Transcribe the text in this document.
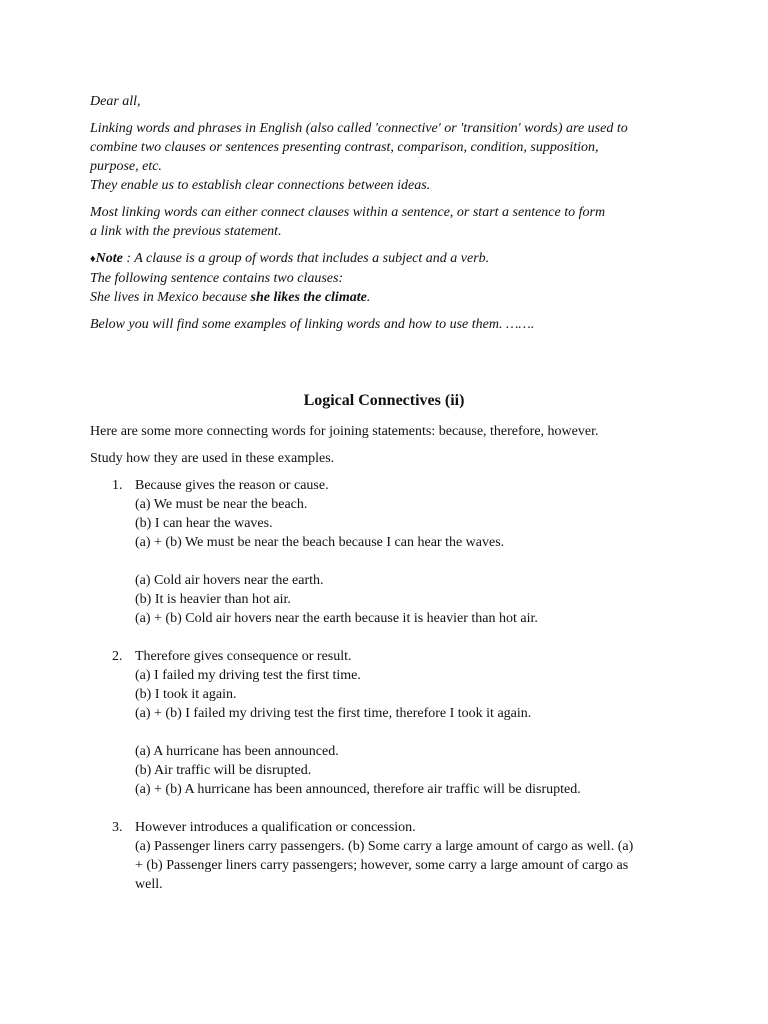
Dear all,

Linking words and phrases in English (also called 'connective' or 'transition' words) are used to
combine two clauses or sentences presenting contrast, comparison, condition, supposition,
purpose, etc.
They enable us to establish clear connections between ideas.

Most linking words can either connect clauses within a sentence, or start a sentence to form
a link with the previous statement.

♦Note : A clause is a group of words that includes a subject and a verb.
The following sentence contains two clauses:
She lives in Mexico because she likes the climate.

Below you will find some examples of linking words and how to use them. …….

Logical Connectives (ii)

Here are some more connecting words for joining statements: because, therefore, however.

Study how they are used in these examples.

1. Because gives the reason or cause.
(a) We must be near the beach.
(b) I can hear the waves.
(a) + (b) We must be near the beach because I can hear the waves.
(a) Cold air hovers near the earth.
(b) It is heavier than hot air.
(a) + (b) Cold air hovers near the earth because it is heavier than hot air.
2. Therefore gives consequence or result.
(a) I failed my driving test the first time.
(b) I took it again.
(a) + (b) I failed my driving test the first time, therefore I took it again.
(a) A hurricane has been announced.
(b) Air traffic will be disrupted.
(a) + (b) A hurricane has been announced, therefore air traffic will be disrupted.
3. However introduces a qualification or concession.
(a) Passenger liners carry passengers. (b) Some carry a large amount of cargo as well. (a)
+ (b) Passenger liners carry passengers; however, some carry a large amount of cargo as
well.
